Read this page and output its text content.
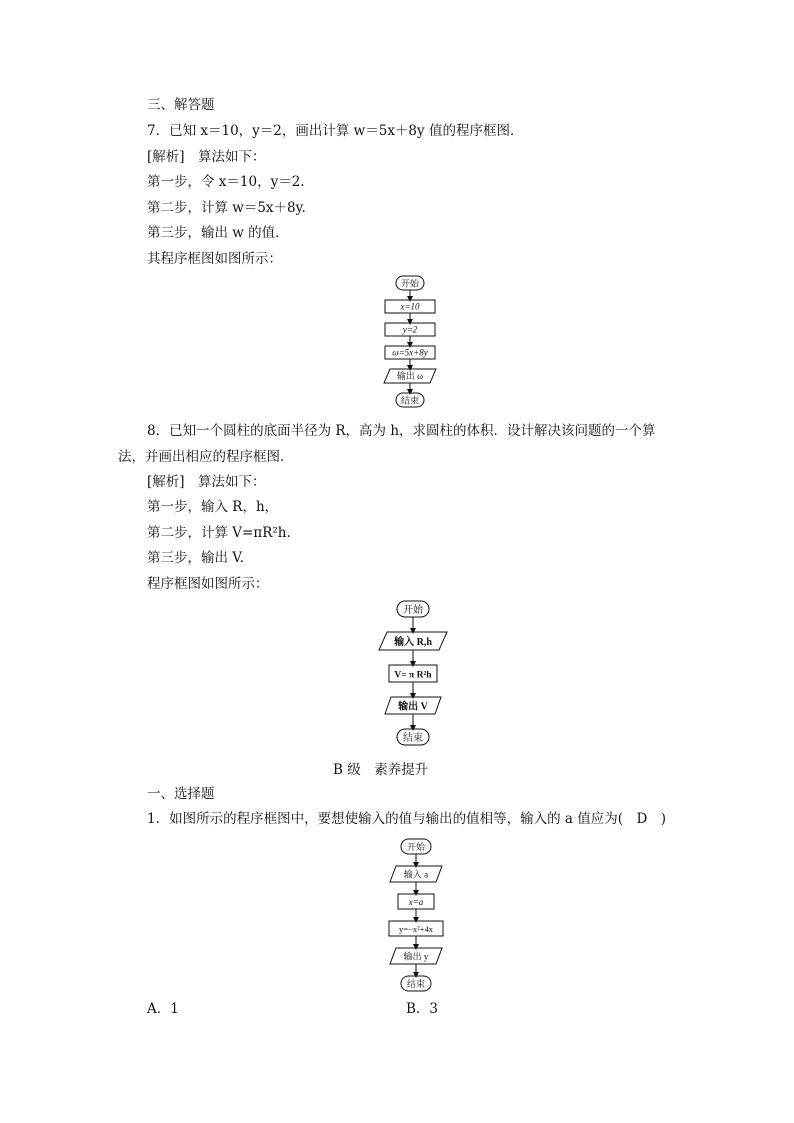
三、解答题
7．已知 x＝10，y＝2，画出计算 w＝5x＋8y 值的程序框图．
[解析]　算法如下：
第一步，令 x＝10，y＝2.
第二步，计算 w＝5x＋8y.
第三步，输出 w 的值．
其程序框图如图所示：
开始
x=10
y=2
ω=5x+8y
输出 ω
结束
8．已知一个圆柱的底面半径为 R，高为 h，求圆柱的体积．设计解决该问题的一个算
法，并画出相应的程序框图．
[解析]　算法如下：
第一步，输入 R，h，
第二步，计算 V=πR²h.
第三步，输出 V.
程序框图如图所示：
开始
输入 R,h
V= π R²h
输出 V
结束
B 级　素养提升
一、选择题
1．如图所示的程序框图中，要想使输入的值与输出的值相等，输入的 a 值应为(　D　)
开始
输入 a
x=a
y=−x²+4x
输出 y
结束
A．1	B．3
